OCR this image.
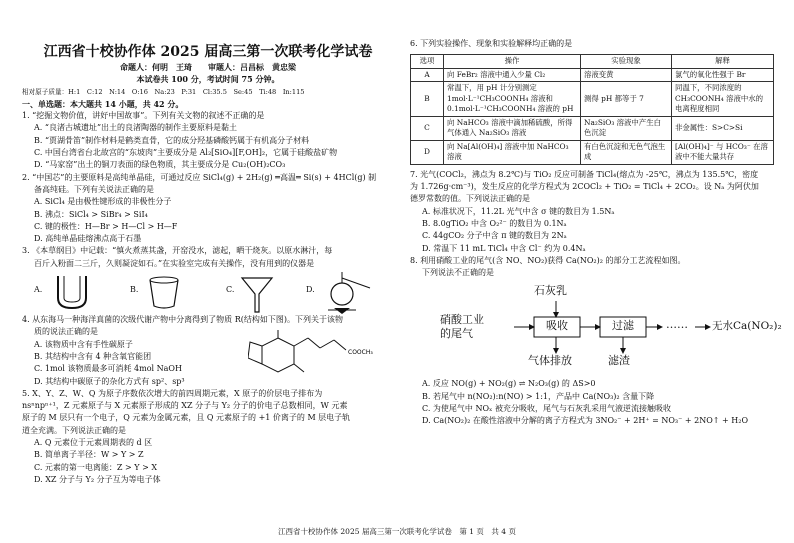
江西省十校协作体 2025 届高三第一次联考化学试卷
命题人：何明　王琦　　审题人：吕昌标　黄忠梁
本试卷共 100 分，考试时间 75 分钟。
相对原子质量：H:1　C:12　N:14　O:16　Na:23　P:31　Cl:35.5　Se:45　Ti:48　In:115

一、单选题：本大题共 14 小题，共 42 分。

1. “挖掘文物价值，讲好中国故事”。下列有关文物的叙述不正确的是

A. “良渚古城遗址”出土的良渚陶器的制作主要原料是黏土

B. “贾湖骨笛”制作材料是鹤类直骨，它的成分羟基磷酸钙属于有机高分子材料

C. 中国台湾省台北故宫的“东坡肉”主要成分是 Al₂[SiO₄][F,OH]₂，它属于硅酸盐矿物

D. “马家窑”出土的铜刀表面的绿色物质，其主要成分是 Cu₂(OH)₂CO₃

2. “中国芯”的主要原料是高纯单晶硅，可通过反应 SiCl₄(g) + 2H₂(g) ═高温═ Si(s) + 4HCl(g) 制

备高纯硅。下列有关说法正确的是

A. SiCl₄ 是由极性键形成的非极性分子

B. 沸点：SiCl₄ > SiBr₄ > SiI₄

C. 键的极性：H—Br > H—Cl > H—F

D. 高纯单晶硅熔沸点高于石墨

3. 《本草纲目》中记载：“慎火煮蒸其盏，开窑没水，滤起，晒干烧灰。以原水淋汁，每

百斤入粉面二三斤，久则凝淀如石。”在实验室完成有关操作，没有用到的仪器是

A.	B.	C.	D.

4. 从东海马一种海洋真菌的次级代谢产物中分离得到了物质 R(结构如下图)。下列关于该物

质的说法正确的是

A. 该物质中含有手性碳原子

B. 其结构中含有 4 种含氧官能团

C. 1mol 该物质最多可消耗 4mol NaOH

D. 其结构中碳原子的杂化方式有 sp²、sp³

COOCH₃

5. X、Y、Z、W、Q 为原子序数依次增大的前四周期元素，X 原子的价层电子排布为

nsⁿnpⁿ⁺¹，Z 元素原子与 X 元素原子形成的 XZ 分子与 Y₂ 分子的价电子总数相同，W 元素

原子的 M 层只有一个电子，Q 元素为金属元素，且 Q 元素原子的 +1 价离子的 M 层电子轨

道全充满。下列说法正确的是

A. Q 元素位于元素周期表的 d 区

B. 简单离子半径：W > Y > Z

C. 元素的第一电离能：Z > Y > X

D. XZ 分子与 Y₂ 分子互为等电子体

6. 下列实验操作、现象和实验解释均正确的是

选项	操作	实验现象	解释
A	向 FeBr₂ 溶液中通入少量 Cl₂	溶液变黄	氯气的氧化性强于 Br
B	常温下，用 pH 计分别测定 1mol·L⁻¹CH₃COONH₄ 溶液和 0.1mol·L⁻¹CH₃COONH₄ 溶液的 pH	测得 pH 都等于 7	同温下，不同浓度的 CH₃COONH₄ 溶液中水的电离程度相同
C	向 NaHCO₃ 溶液中滴加稀硫酸，所得气体通入 Na₂SiO₃ 溶液	Na₂SiO₃ 溶液中产生白色沉淀	非金属性：S>C>Si
D	向 Na[Al(OH)₄] 溶液中加 NaHCO₃ 溶液	有白色沉淀和无色气泡生成	[Al(OH)₄]⁻ 与 HCO₃⁻ 在溶液中不能大量共存

7. 光气(COCl₂，沸点为 8.2℃)与 TiO₂ 反应可制备 TiCl₄(熔点为 -25℃，沸点为 135.5℃，密度

为 1.726g·cm⁻³)，发生反应的化学方程式为 2COCl₂ + TiO₂ = TiCl₄ + 2CO₂。设 Nₐ 为阿伏加

德罗常数的值。下列说法正确的是

A. 标准状况下，11.2L 光气中含 σ 键的数目为 1.5Nₐ

B. 8.0gTiO₂ 中含 O₂²⁻ 的数目为 0.1Nₐ

C. 44gCO₂ 分子中含 π 键的数目为 2Nₐ

D. 常温下 11 mL TiCl₄ 中含 Cl⁻ 约为 0.4Nₐ

8. 利用硝酸工业的尾气(含 NO、NO₂)获得 Ca(NO₂)₂ 的部分工艺流程如图。

下列说法不正确的是

硝酸工业
的尾气
石灰乳
吸收	过滤	…… 无水Ca(NO₂)₂
气体排放	滤渣

A. 反应 NO(g) + NO₂(g) ⇌ N₂O₃(g) 的 ΔS>0

B. 若尾气中 n(NO₂):n(NO) > 1:1，产品中 Ca(NO₃)₂ 含量下降

C. 为使尾气中 NOₓ 被充分吸收，尾气与石灰乳采用气液逆流接触吸收

D. Ca(NO₂)₂ 在酸性溶液中分解的离子方程式为 3NO₂⁻ + 2H⁺ = NO₃⁻ + 2NO↑ + H₂O

江西省十校协作体 2025 届高三第一次联考化学试卷　第 1 页　共 4 页
